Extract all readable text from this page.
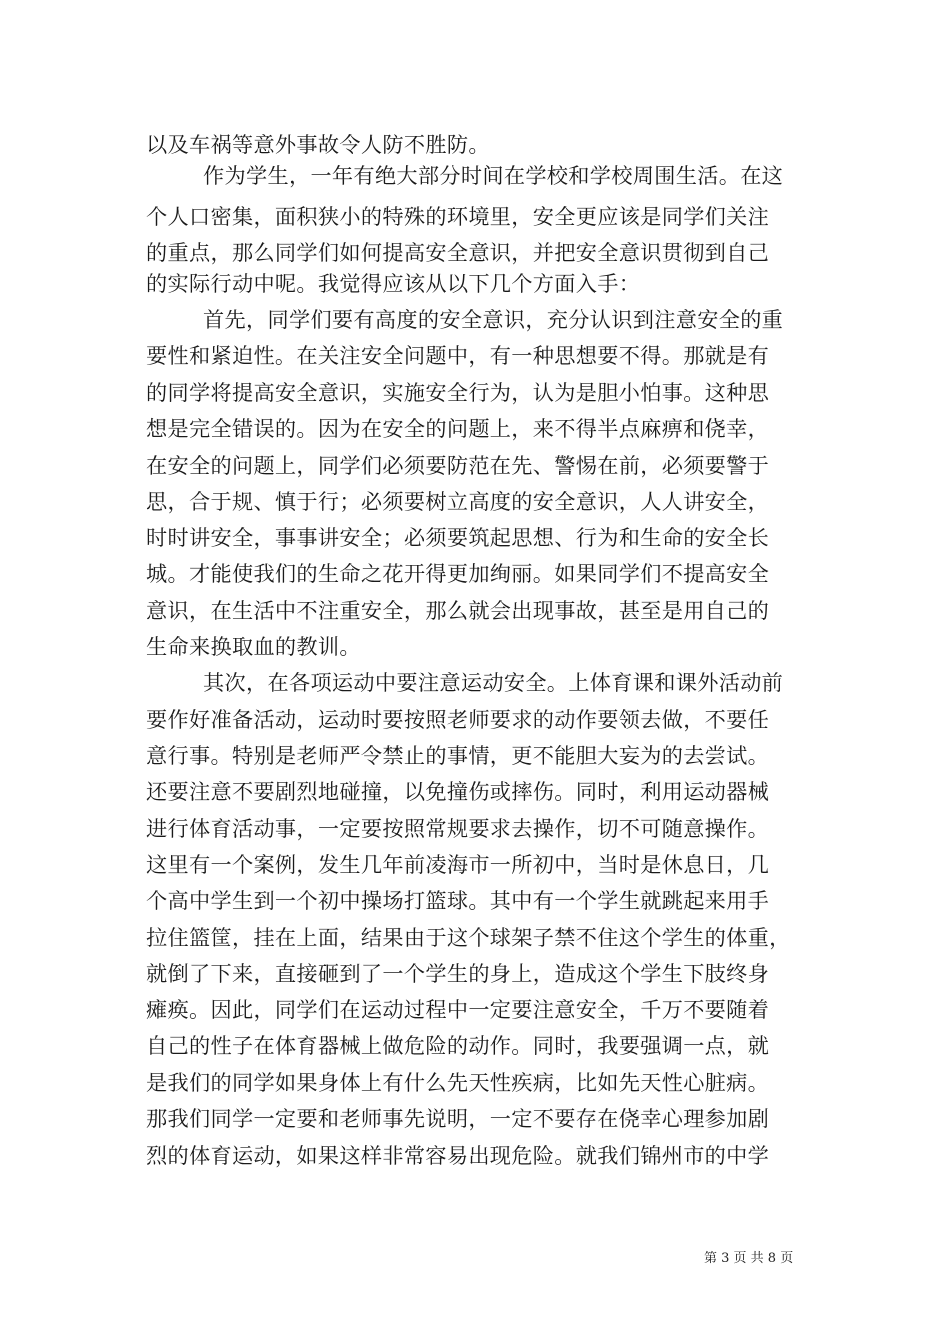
以及车祸等意外事故令人防不胜防。
作为学生，一年有绝大部分时间在学校和学校周围生活。在这
个人口密集，面积狭小的特殊的环境里，安全更应该是同学们关注
的重点，那么同学们如何提高安全意识，并把安全意识贯彻到自己
的实际行动中呢。我觉得应该从以下几个方面入手：
首先，同学们要有高度的安全意识，充分认识到注意安全的重
要性和紧迫性。在关注安全问题中，有一种思想要不得。那就是有
的同学将提高安全意识，实施安全行为，认为是胆小怕事。这种思
想是完全错误的。因为在安全的问题上，来不得半点麻痹和侥幸，
在安全的问题上，同学们必须要防范在先、警惕在前，必须要警于
思，合于规、慎于行；必须要树立高度的安全意识，人人讲安全，
时时讲安全，事事讲安全；必须要筑起思想、行为和生命的安全长
城。才能使我们的生命之花开得更加绚丽。如果同学们不提高安全
意识，在生活中不注重安全，那么就会出现事故，甚至是用自己的
生命来换取血的教训。
其次，在各项运动中要注意运动安全。上体育课和课外活动前
要作好准备活动，运动时要按照老师要求的动作要领去做，不要任
意行事。特别是老师严令禁止的事情，更不能胆大妄为的去尝试。
还要注意不要剧烈地碰撞，以免撞伤或摔伤。同时，利用运动器械
进行体育活动事，一定要按照常规要求去操作，切不可随意操作。
这里有一个案例，发生几年前凌海市一所初中，当时是休息日，几
个高中学生到一个初中操场打篮球。其中有一个学生就跳起来用手
拉住篮筐，挂在上面，结果由于这个球架子禁不住这个学生的体重，
就倒了下来，直接砸到了一个学生的身上，造成这个学生下肢终身
瘫痪。因此，同学们在运动过程中一定要注意安全，千万不要随着
自己的性子在体育器械上做危险的动作。同时，我要强调一点，就
是我们的同学如果身体上有什么先天性疾病，比如先天性心脏病。
那我们同学一定要和老师事先说明，一定不要存在侥幸心理参加剧
烈的体育运动，如果这样非常容易出现危险。就我们锦州市的中学
第 3 页 共 8 页
